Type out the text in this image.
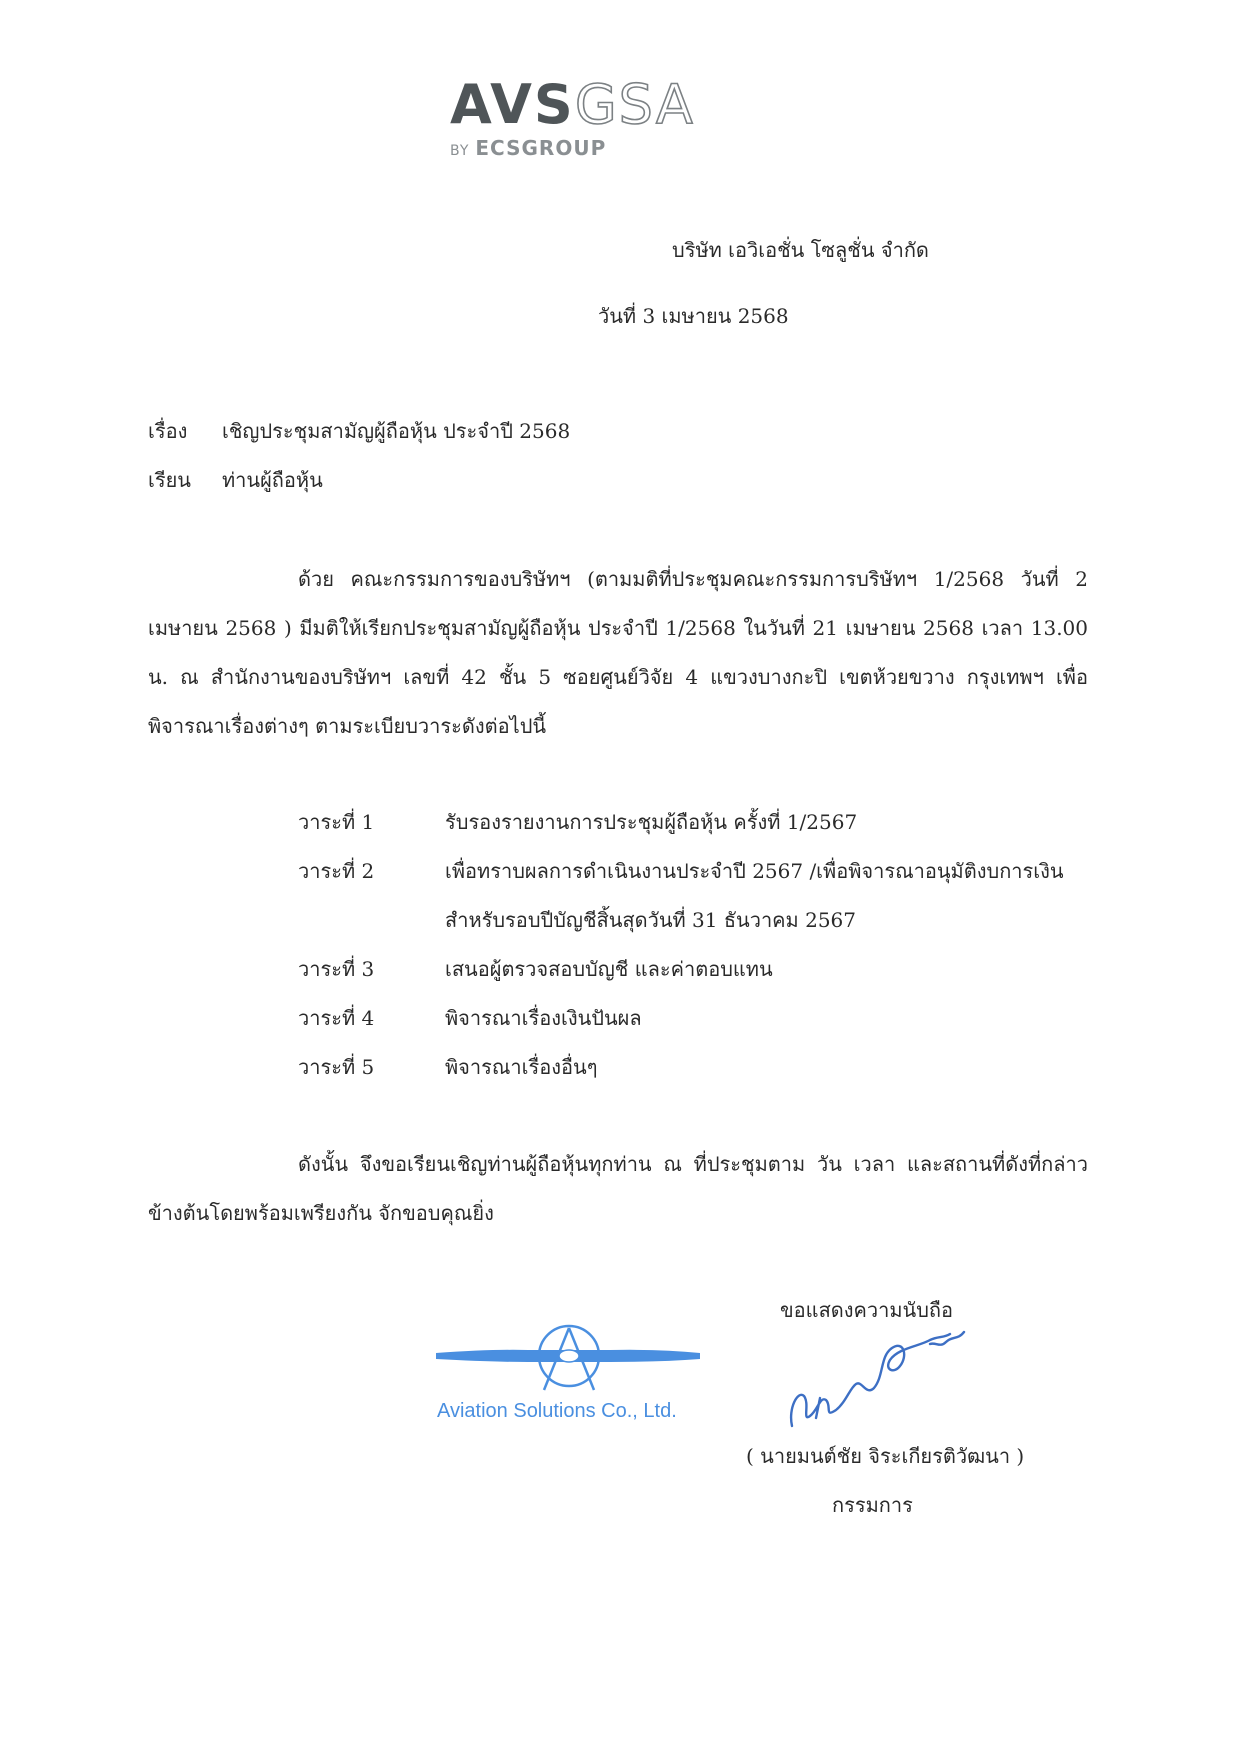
AVSGSA
BY ECSGROUP
บริษัท เอวิเอชั่น โซลูชั่น จำกัด
วันที่ 3 เมษายน 2568
เรื่อง เชิญประชุมสามัญผู้ถือหุ้น ประจำปี 2568
เรียน ท่านผู้ถือหุ้น
ด้วย คณะกรรมการของบริษัทฯ (ตามมติที่ประชุมคณะกรรมการบริษัทฯ 1/2568 วันที่ 2 เมษายน 2568 ) มีมติให้เรียกประชุมสามัญผู้ถือหุ้น ประจำปี 1/2568 ในวันที่ 21 เมษายน 2568 เวลา 13.00 น. ณ สำนักงานของบริษัทฯ เลขที่ 42 ชั้น 5 ซอยศูนย์วิจัย 4 แขวงบางกะปิ เขตห้วยขวาง กรุงเทพฯ เพื่อพิจารณาเรื่องต่างๆ ตามระเบียบวาระดังต่อไปนี้
วาระที่ 1	รับรองรายงานการประชุมผู้ถือหุ้น ครั้งที่ 1/2567
วาระที่ 2	เพื่อทราบผลการดำเนินงานประจำปี 2567 /เพื่อพิจารณาอนุมัติงบการเงิน
สำหรับรอบปีบัญชีสิ้นสุดวันที่ 31 ธันวาคม 2567
วาระที่ 3	เสนอผู้ตรวจสอบบัญชี และค่าตอบแทน
วาระที่ 4	พิจารณาเรื่องเงินปันผล
วาระที่ 5	พิจารณาเรื่องอื่นๆ
ดังนั้น จึงขอเรียนเชิญท่านผู้ถือหุ้นทุกท่าน ณ ที่ประชุมตาม วัน เวลา และสถานที่ดังที่กล่าวข้างต้นโดยพร้อมเพรียงกัน จักขอบคุณยิ่ง
ขอแสดงความนับถือ
Aviation Solutions Co., Ltd.
( นายมนต์ชัย จิระเกียรติวัฒนา )
กรรมการ
